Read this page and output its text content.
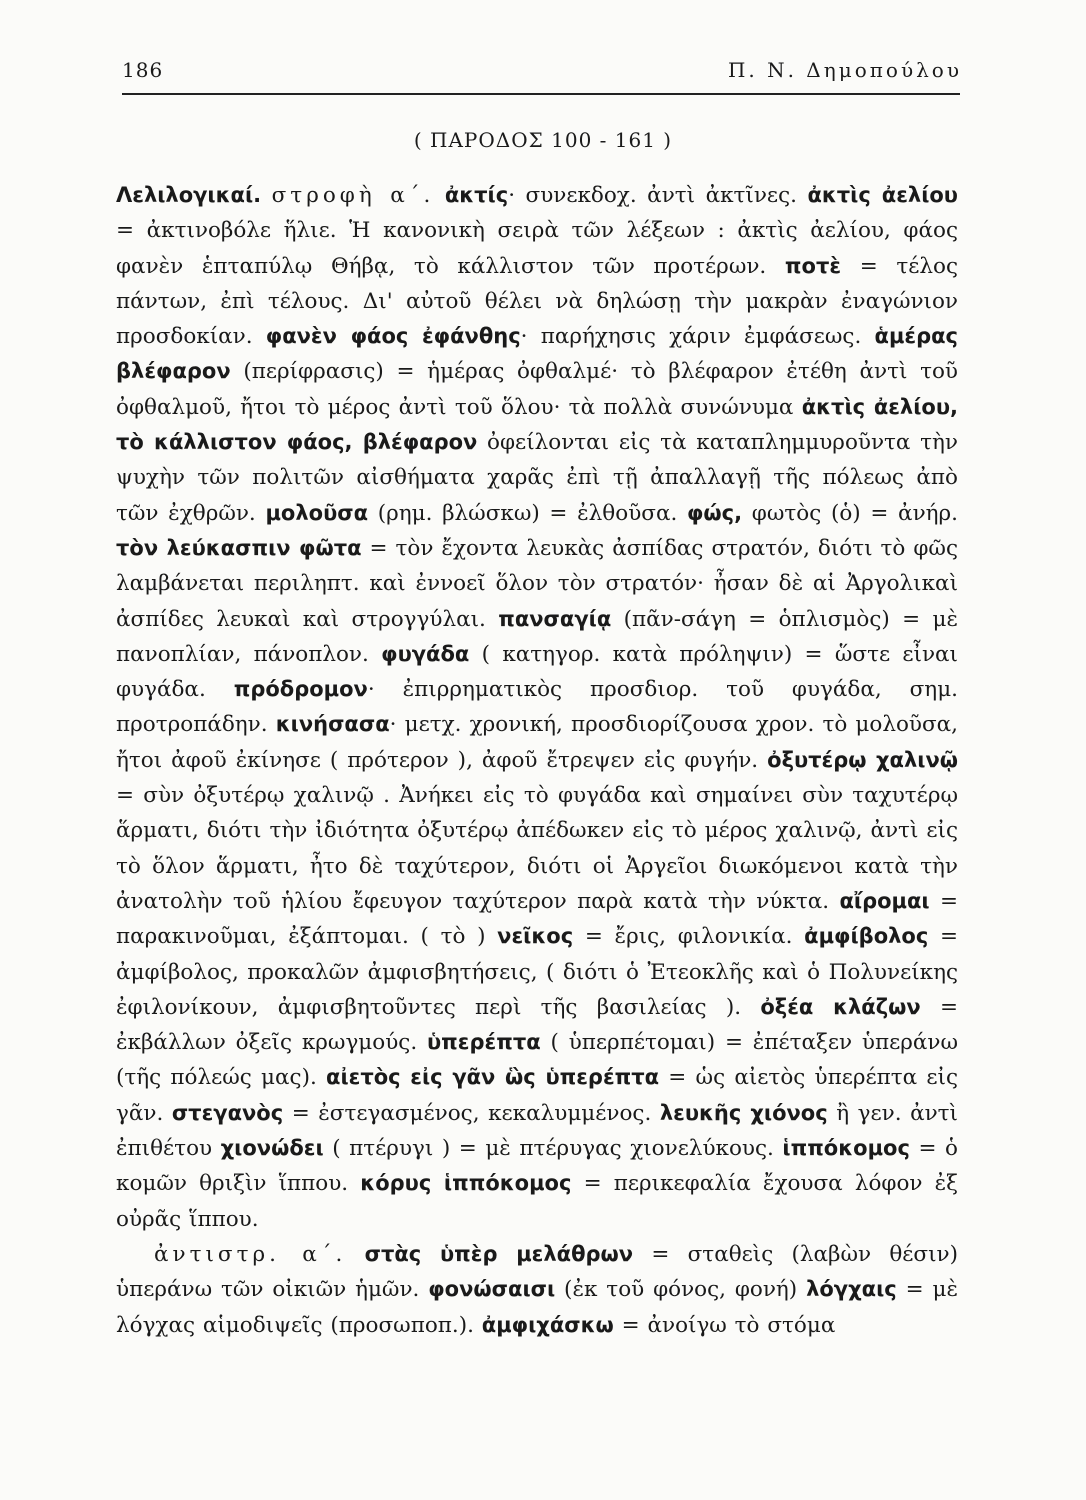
186	Π. Ν. Δημοπούλου
( ΠΑΡΟΔΟΣ 100 - 161 )

Λελιλογικαί. στροφὴ α΄. ἀκτίς· συνεκδοχ. ἀντὶ ἀκτῖνες. ἀκτὶς ἀελίου = ἀκτινοβόλε ἥλιε. Ἡ κανονικὴ σειρὰ τῶν λέξεων : ἀκτὶς ἀελίου, φάος φανὲν ἑπταπύλῳ Θήβᾳ, τὸ κάλλιστον τῶν προτέρων. ποτὲ = τέλος πάντων, ἐπὶ τέλους. Δι' αὐτοῦ θέλει νὰ δηλώσῃ τὴν μακρὰν ἐναγώνιον προσδοκίαν. φανὲν φάος ἐφάνθης· παρήχησις χάριν ἐμφάσεως. ἁμέρας βλέφαρον (περίφρασις) = ἡμέρας ὀφθαλμέ· τὸ βλέφαρον ἐτέθη ἀντὶ τοῦ ὀφθαλμοῦ, ἤτοι τὸ μέρος ἀντὶ τοῦ ὅλου· τὰ πολλὰ συνώνυμα ἀκτὶς ἀελίου, τὸ κάλλιστον φάος, βλέφαρον ὀφείλονται εἰς τὰ καταπλημμυροῦντα τὴν ψυχὴν τῶν πολιτῶν αἰσθήματα χαρᾶς ἐπὶ τῇ ἀπαλλαγῇ τῆς πόλεως ἀπὸ τῶν ἐχθρῶν. μολοῦσα (ρημ. βλώσκω) = ἐλθοῦσα. φώς, φωτὸς (ὁ) = ἀνήρ. τὸν λεύκασπιν φῶτα = τὸν ἔχοντα λευκὰς ἀσπίδας στρατόν, διότι τὸ φῶς λαμβάνεται περιληπτ. καὶ ἐννοεῖ ὅλον τὸν στρατόν· ἦσαν δὲ αἱ Ἀργολικαὶ ἀσπίδες λευκαὶ καὶ στρογγύλαι. πανσαγίᾳ (πᾶν-σάγη = ὁπλισμὸς) = μὲ πανοπλίαν, πάνοπλον. φυγάδα ( κατηγορ. κατὰ πρόληψιν) = ὥστε εἶναι φυγάδα. πρόδρομον· ἐπιρρηματικὸς προσδιορ. τοῦ φυγάδα, σημ. προτροπάδην. κινήσασα· μετχ. χρονική, προσδιορίζουσα χρον. τὸ μολοῦσα, ἤτοι ἀφοῦ ἐκίνησε ( πρότερον ), ἀφοῦ ἔτρεψεν εἰς φυγήν. ὀξυτέρῳ χαλινῷ = σὺν ὀξυτέρῳ χαλινῷ . Ἀνήκει εἰς τὸ φυγάδα καὶ σημαίνει σὺν ταχυτέρῳ ἅρματι, διότι τὴν ἰδιότητα ὀξυτέρῳ ἀπέδωκεν εἰς τὸ μέρος χαλινῷ, ἀντὶ εἰς τὸ ὅλον ἅρματι, ἦτο δὲ ταχύτερον, διότι οἱ Ἀργεῖοι διωκόμενοι κατὰ τὴν ἀνατολὴν τοῦ ἡλίου ἔφευγον ταχύτερον παρὰ κατὰ τὴν νύκτα. αἴρομαι = παρακινοῦμαι, ἐξάπτομαι. ( τὸ ) νεῖκος = ἔρις, φιλονικία. ἀμφίβολος = ἀμφίβολος, προκαλῶν ἀμφισβητήσεις, ( διότι ὁ Ἐτεοκλῆς καὶ ὁ Πολυνείκης ἐφιλονίκουν, ἀμφισβητοῦντες περὶ τῆς βασιλείας ). ὀξέα κλάζων = ἐκβάλλων ὀξεῖς κρωγμούς. ὑπερέπτα ( ὑπερπέτομαι) = ἐπέταξεν ὑπεράνω (τῆς πόλεώς μας). αἰετὸς εἰς γᾶν ὣς ὑπερέπτα = ὡς αἰετὸς ὑπερέπτα εἰς γᾶν. στεγανὸς = ἐστεγασμένος, κεκαλυμμένος. λευκῆς χιόνος ἢ γεν. ἀντὶ ἐπιθέτου χιονώδει ( πτέρυγι ) = μὲ πτέρυγας χιονελύκους. ἱππόκομος = ὁ κομῶν θριξὶν ἵππου. κόρυς ἱππόκομος = περικεφαλία ἔχουσα λόφον ἐξ οὐρᾶς ἵππου.

ἀντιστρ. α΄. στὰς ὑπὲρ μελάθρων = σταθεὶς (λαβὼν θέσιν) ὑπεράνω τῶν οἰκιῶν ἡμῶν. φονώσαισι (ἐκ τοῦ φόνος, φονή) λόγχαις = μὲ λόγχας αἱμοδιψεῖς (προσωποπ.). ἀμφιχάσκω = ἀνοίγω τὸ στόμα
